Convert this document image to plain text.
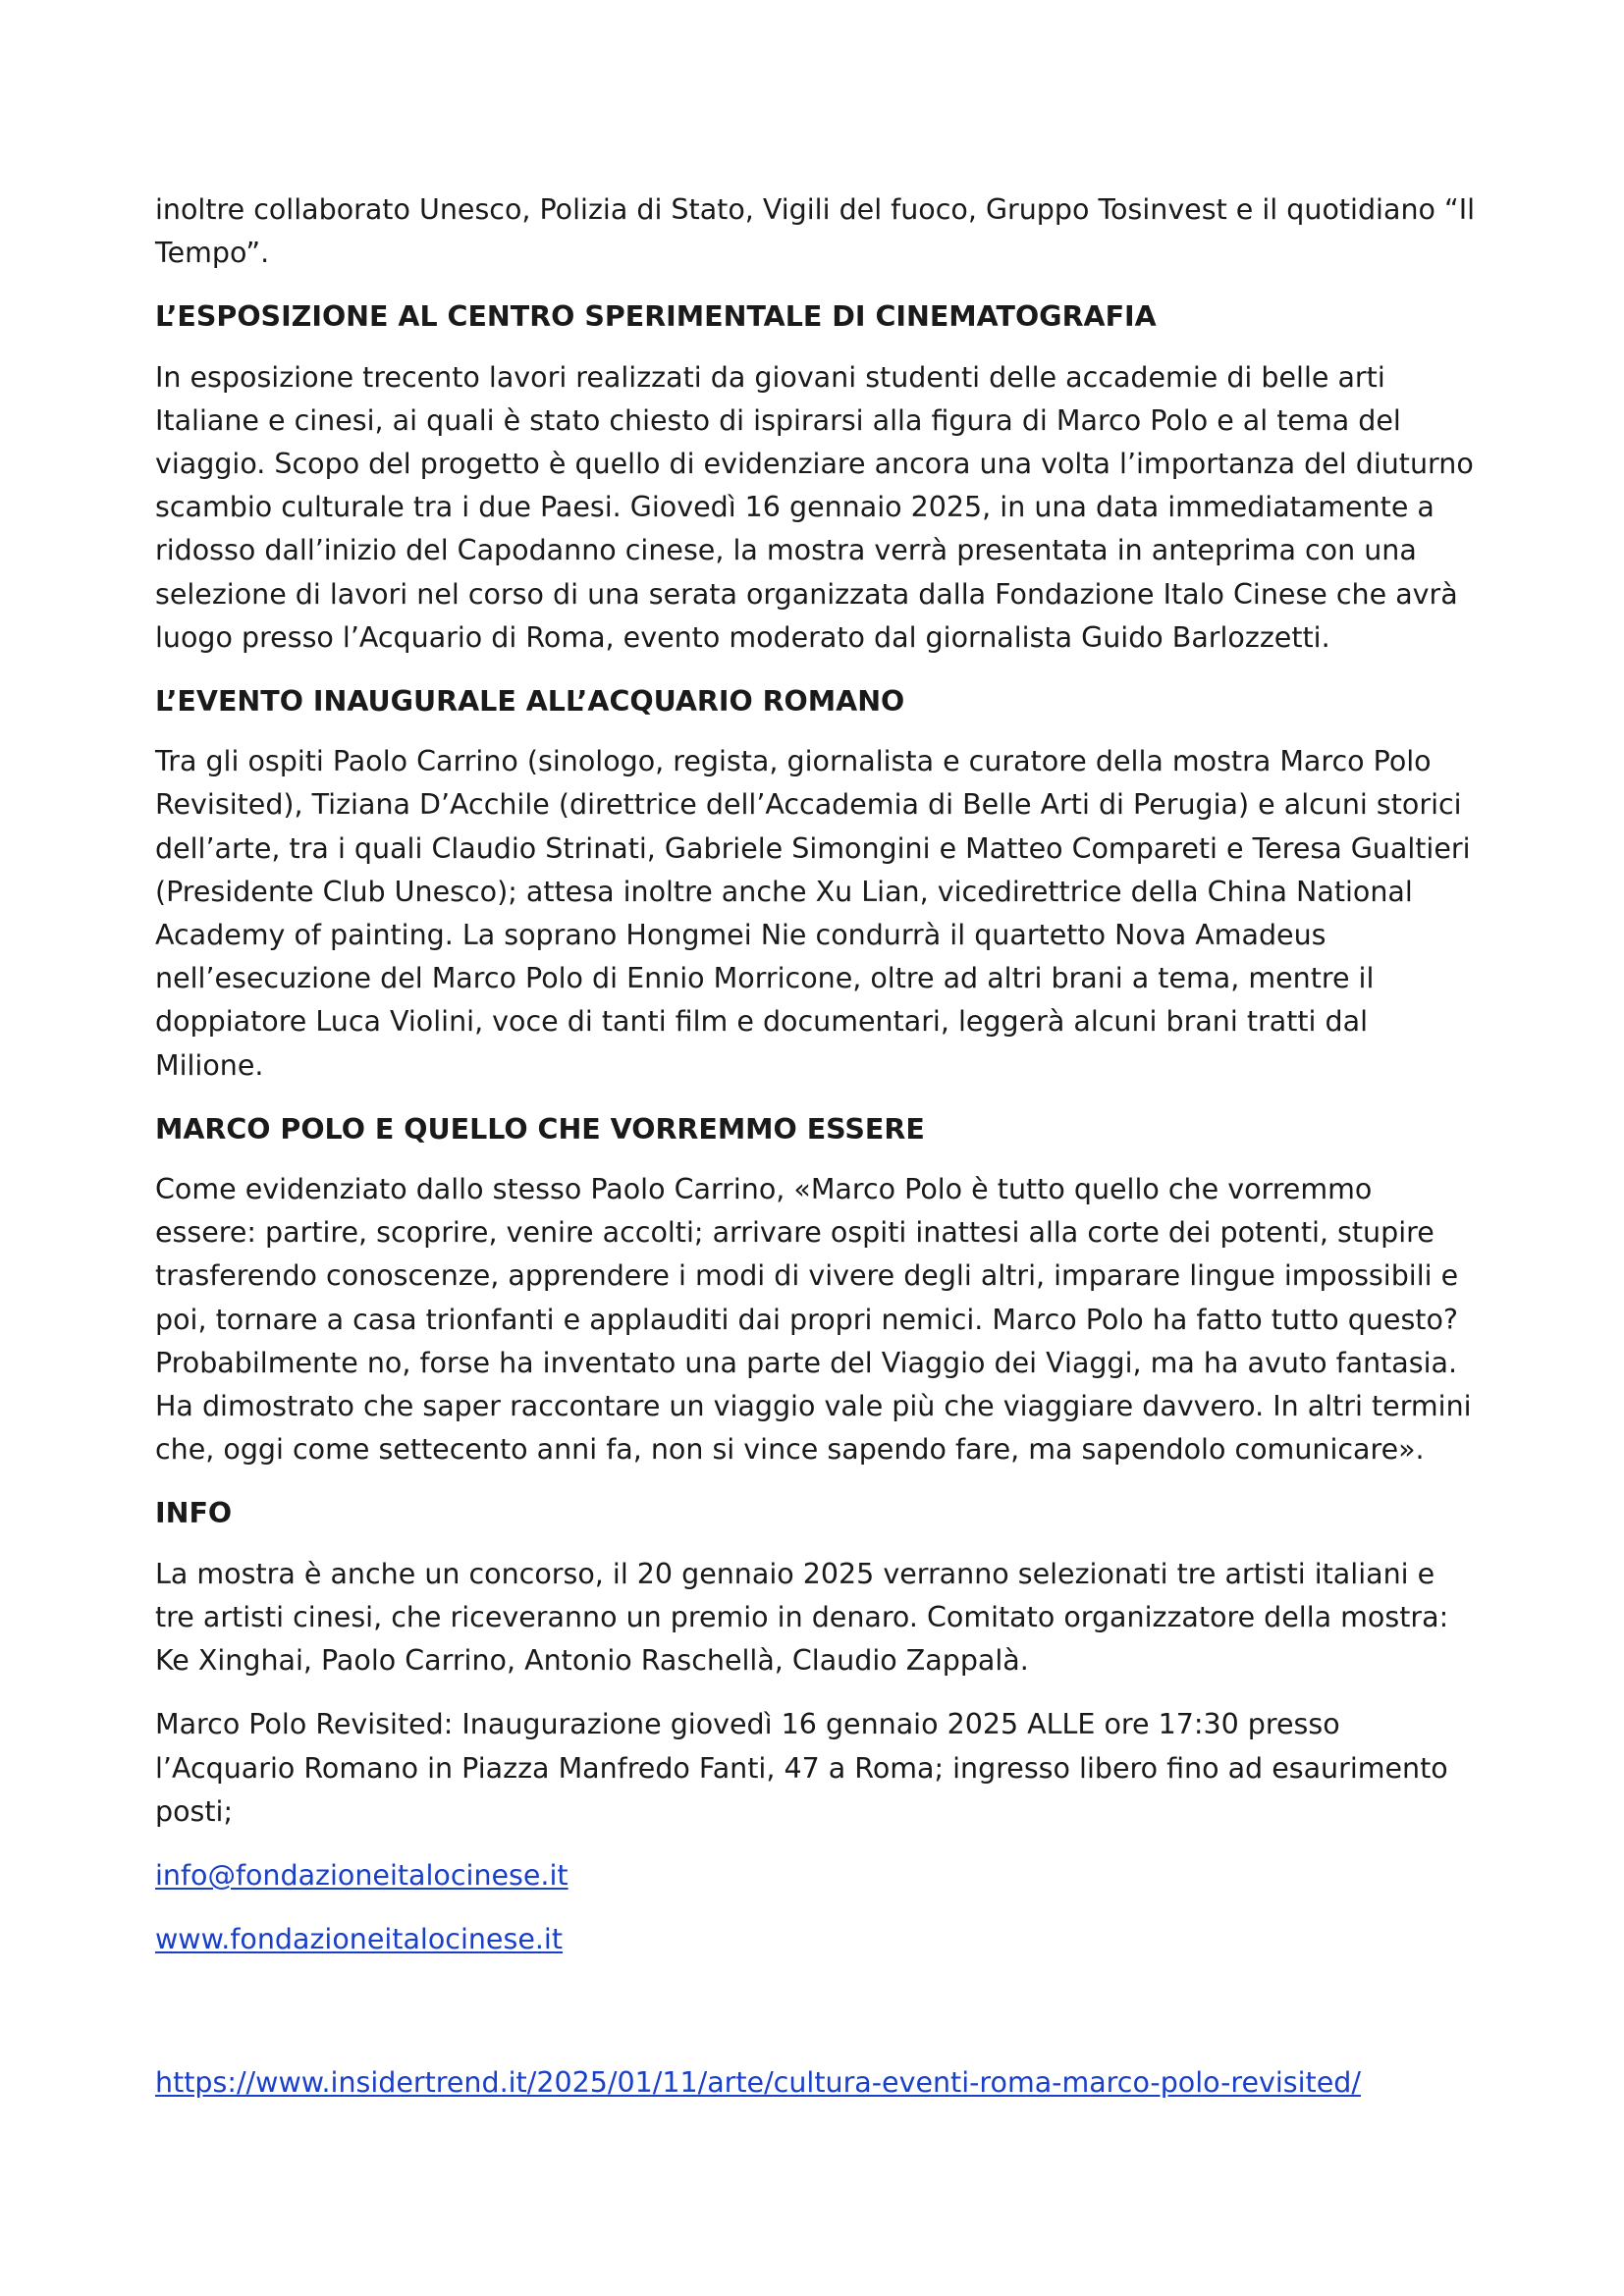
inoltre collaborato Unesco, Polizia di Stato, Vigili del fuoco, Gruppo Tosinvest e il quotidiano “Il Tempo”.

L’ESPOSIZIONE AL CENTRO SPERIMENTALE DI CINEMATOGRAFIA

In esposizione trecento lavori realizzati da giovani studenti delle accademie di belle arti Italiane e cinesi, ai quali è stato chiesto di ispirarsi alla figura di Marco Polo e al tema del viaggio. Scopo del progetto è quello di evidenziare ancora una volta l’importanza del diuturno scambio culturale tra i due Paesi. Giovedì 16 gennaio 2025, in una data immediatamente a ridosso dall’inizio del Capodanno cinese, la mostra verrà presentata in anteprima con una selezione di lavori nel corso di una serata organizzata dalla Fondazione Italo Cinese che avrà luogo presso l’Acquario di Roma, evento moderato dal giornalista Guido Barlozzetti.

L’EVENTO INAUGURALE ALL’ACQUARIO ROMANO

Tra gli ospiti Paolo Carrino (sinologo, regista, giornalista e curatore della mostra Marco Polo Revisited), Tiziana D’Acchile (direttrice dell’Accademia di Belle Arti di Perugia) e alcuni storici dell’arte, tra i quali Claudio Strinati, Gabriele Simongini e Matteo Compareti e Teresa Gualtieri (Presidente Club Unesco); attesa inoltre anche Xu Lian, vicedirettrice della China National Academy of painting. La soprano Hongmei Nie condurrà il quartetto Nova Amadeus nell’esecuzione del Marco Polo di Ennio Morricone, oltre ad altri brani a tema, mentre il doppiatore Luca Violini, voce di tanti film e documentari, leggerà alcuni brani tratti dal Milione.

MARCO POLO E QUELLO CHE VORREMMO ESSERE

Come evidenziato dallo stesso Paolo Carrino, «Marco Polo è tutto quello che vorremmo essere: partire, scoprire, venire accolti; arrivare ospiti inattesi alla corte dei potenti, stupire trasferendo conoscenze, apprendere i modi di vivere degli altri, imparare lingue impossibili e poi, tornare a casa trionfanti e applauditi dai propri nemici. Marco Polo ha fatto tutto questo? Probabilmente no, forse ha inventato una parte del Viaggio dei Viaggi, ma ha avuto fantasia. Ha dimostrato che saper raccontare un viaggio vale più che viaggiare davvero. In altri termini che, oggi come settecento anni fa, non si vince sapendo fare, ma sapendolo comunicare».

INFO

La mostra è anche un concorso, il 20 gennaio 2025 verranno selezionati tre artisti italiani e tre artisti cinesi, che riceveranno un premio in denaro. Comitato organizzatore della mostra: Ke Xinghai, Paolo Carrino, Antonio Raschellà, Claudio Zappalà.

Marco Polo Revisited: Inaugurazione giovedì 16 gennaio 2025 ALLE ore 17:30 presso l’Acquario Romano in Piazza Manfredo Fanti, 47 a Roma; ingresso libero fino ad esaurimento posti;

info@fondazioneitalocinese.it

www.fondazioneitalocinese.it

https://www.insidertrend.it/2025/01/11/arte/cultura-eventi-roma-marco-polo-revisited/
